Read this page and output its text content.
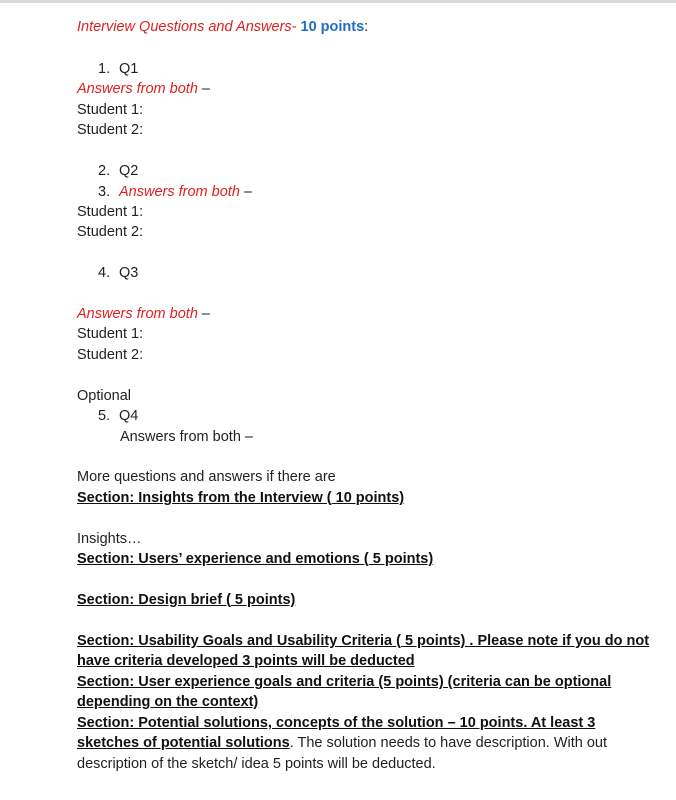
Interview Questions and Answers- 10 points:
1. Q1
Answers from both –
Student 1:
Student 2:
2. Q2
3. Answers from both –
Student 1:
Student 2:
4. Q3
Answers from both –
Student 1:
Student 2:
Optional
5. Q4
Answers from both –
More questions and answers if there are
Section: Insights from the Interview ( 10 points)
Insights…
Section: Users’ experience and emotions ( 5 points)
Section: Design brief ( 5 points)
Section: Usability Goals and Usability Criteria ( 5 points) . Please note if you do not
have criteria developed 3 points will be deducted
Section: User experience goals and criteria (5 points) (criteria can be optional
depending on the context)
Section: Potential solutions, concepts of the solution – 10 points. At least 3
sketches of potential solutions. The solution needs to have description. With out
description of the sketch/ idea 5 points will be deducted.
